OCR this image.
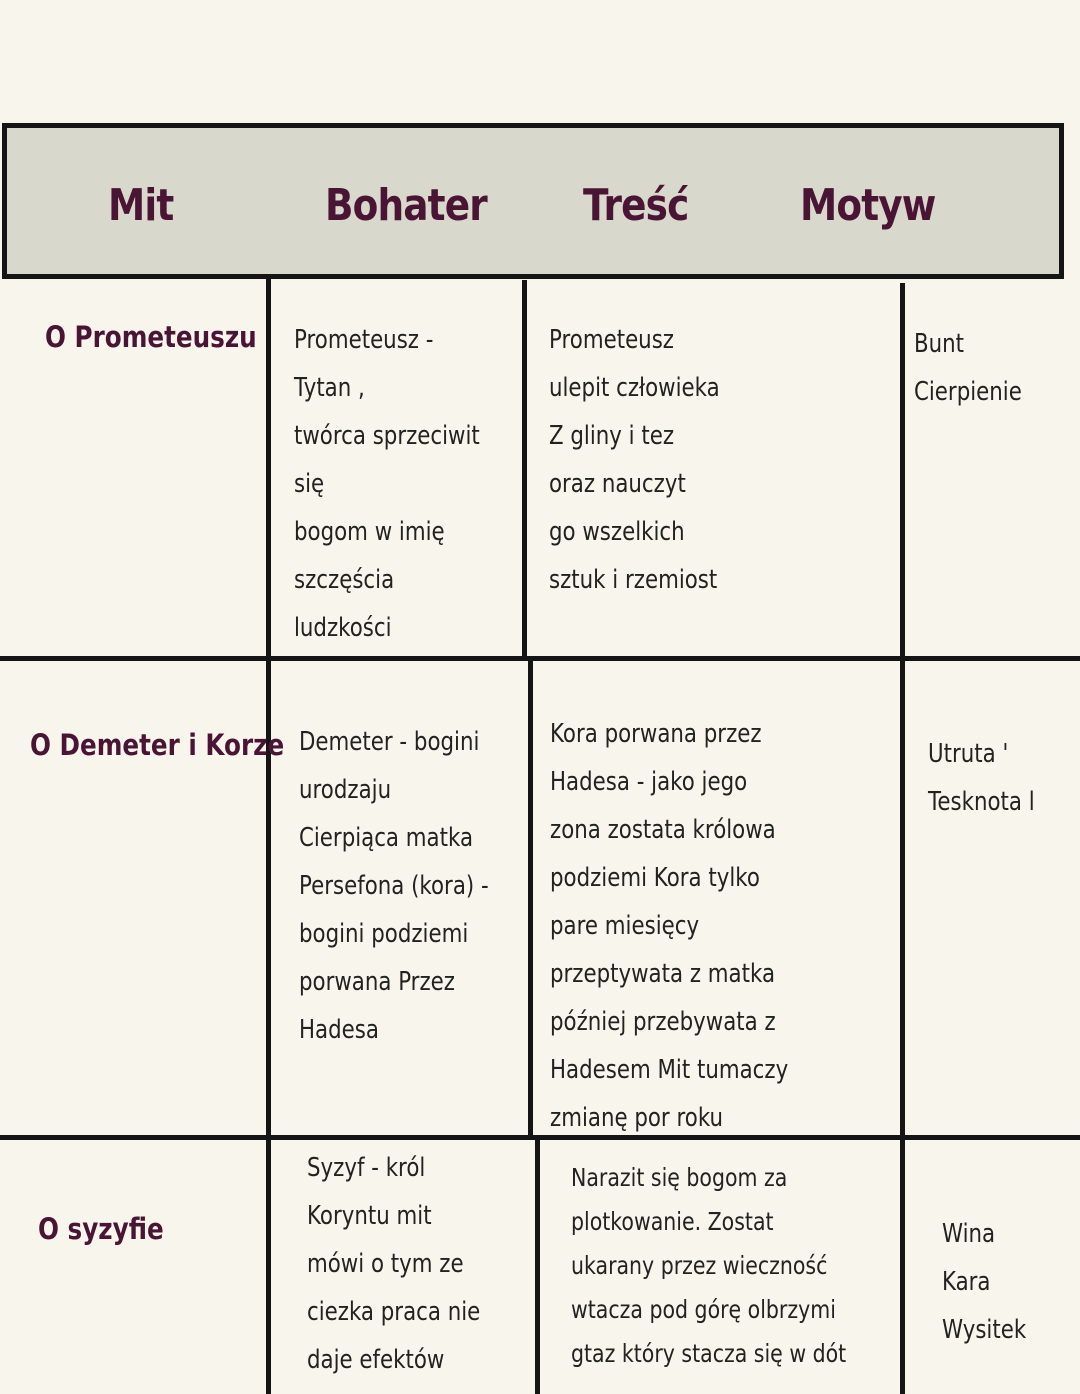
Mit	Bohater Treść	Motyw
O Prometeuszu Prometeusz -
Tytan ,
twórca sprzeciwit
się
bogom w imię
szczęścia
ludzkości
Prometeusz
ulepit człowieka
Z gliny i tez
oraz nauczyt
go wszelkich
sztuk i rzemiost
Bunt
Cierpienie
O Demeter i Korze Demeter - bogini
urodzaju
Cierpiąca matka
Persefona (kora) -
bogini podziemi
porwana Przez
Hadesa
Kora porwana przez
Hadesa - jako jego
zona zostata królowa
podziemi Kora tylko
pare miesięcy
przeptywata z matka
później przebywata z
Hadesem Mit tumaczy
zmianę por roku
Utruta '
Tesknota l
O syzyfie
Syzyf - król
Koryntu mit
mówi o tym ze
ciezka praca nie
daje efektów
Narazit się bogom za
plotkowanie. Zostat
ukarany przez wieczność
wtacza pod górę olbrzymi
gtaz który stacza się w dót
Wina
Kara
Wysitek
